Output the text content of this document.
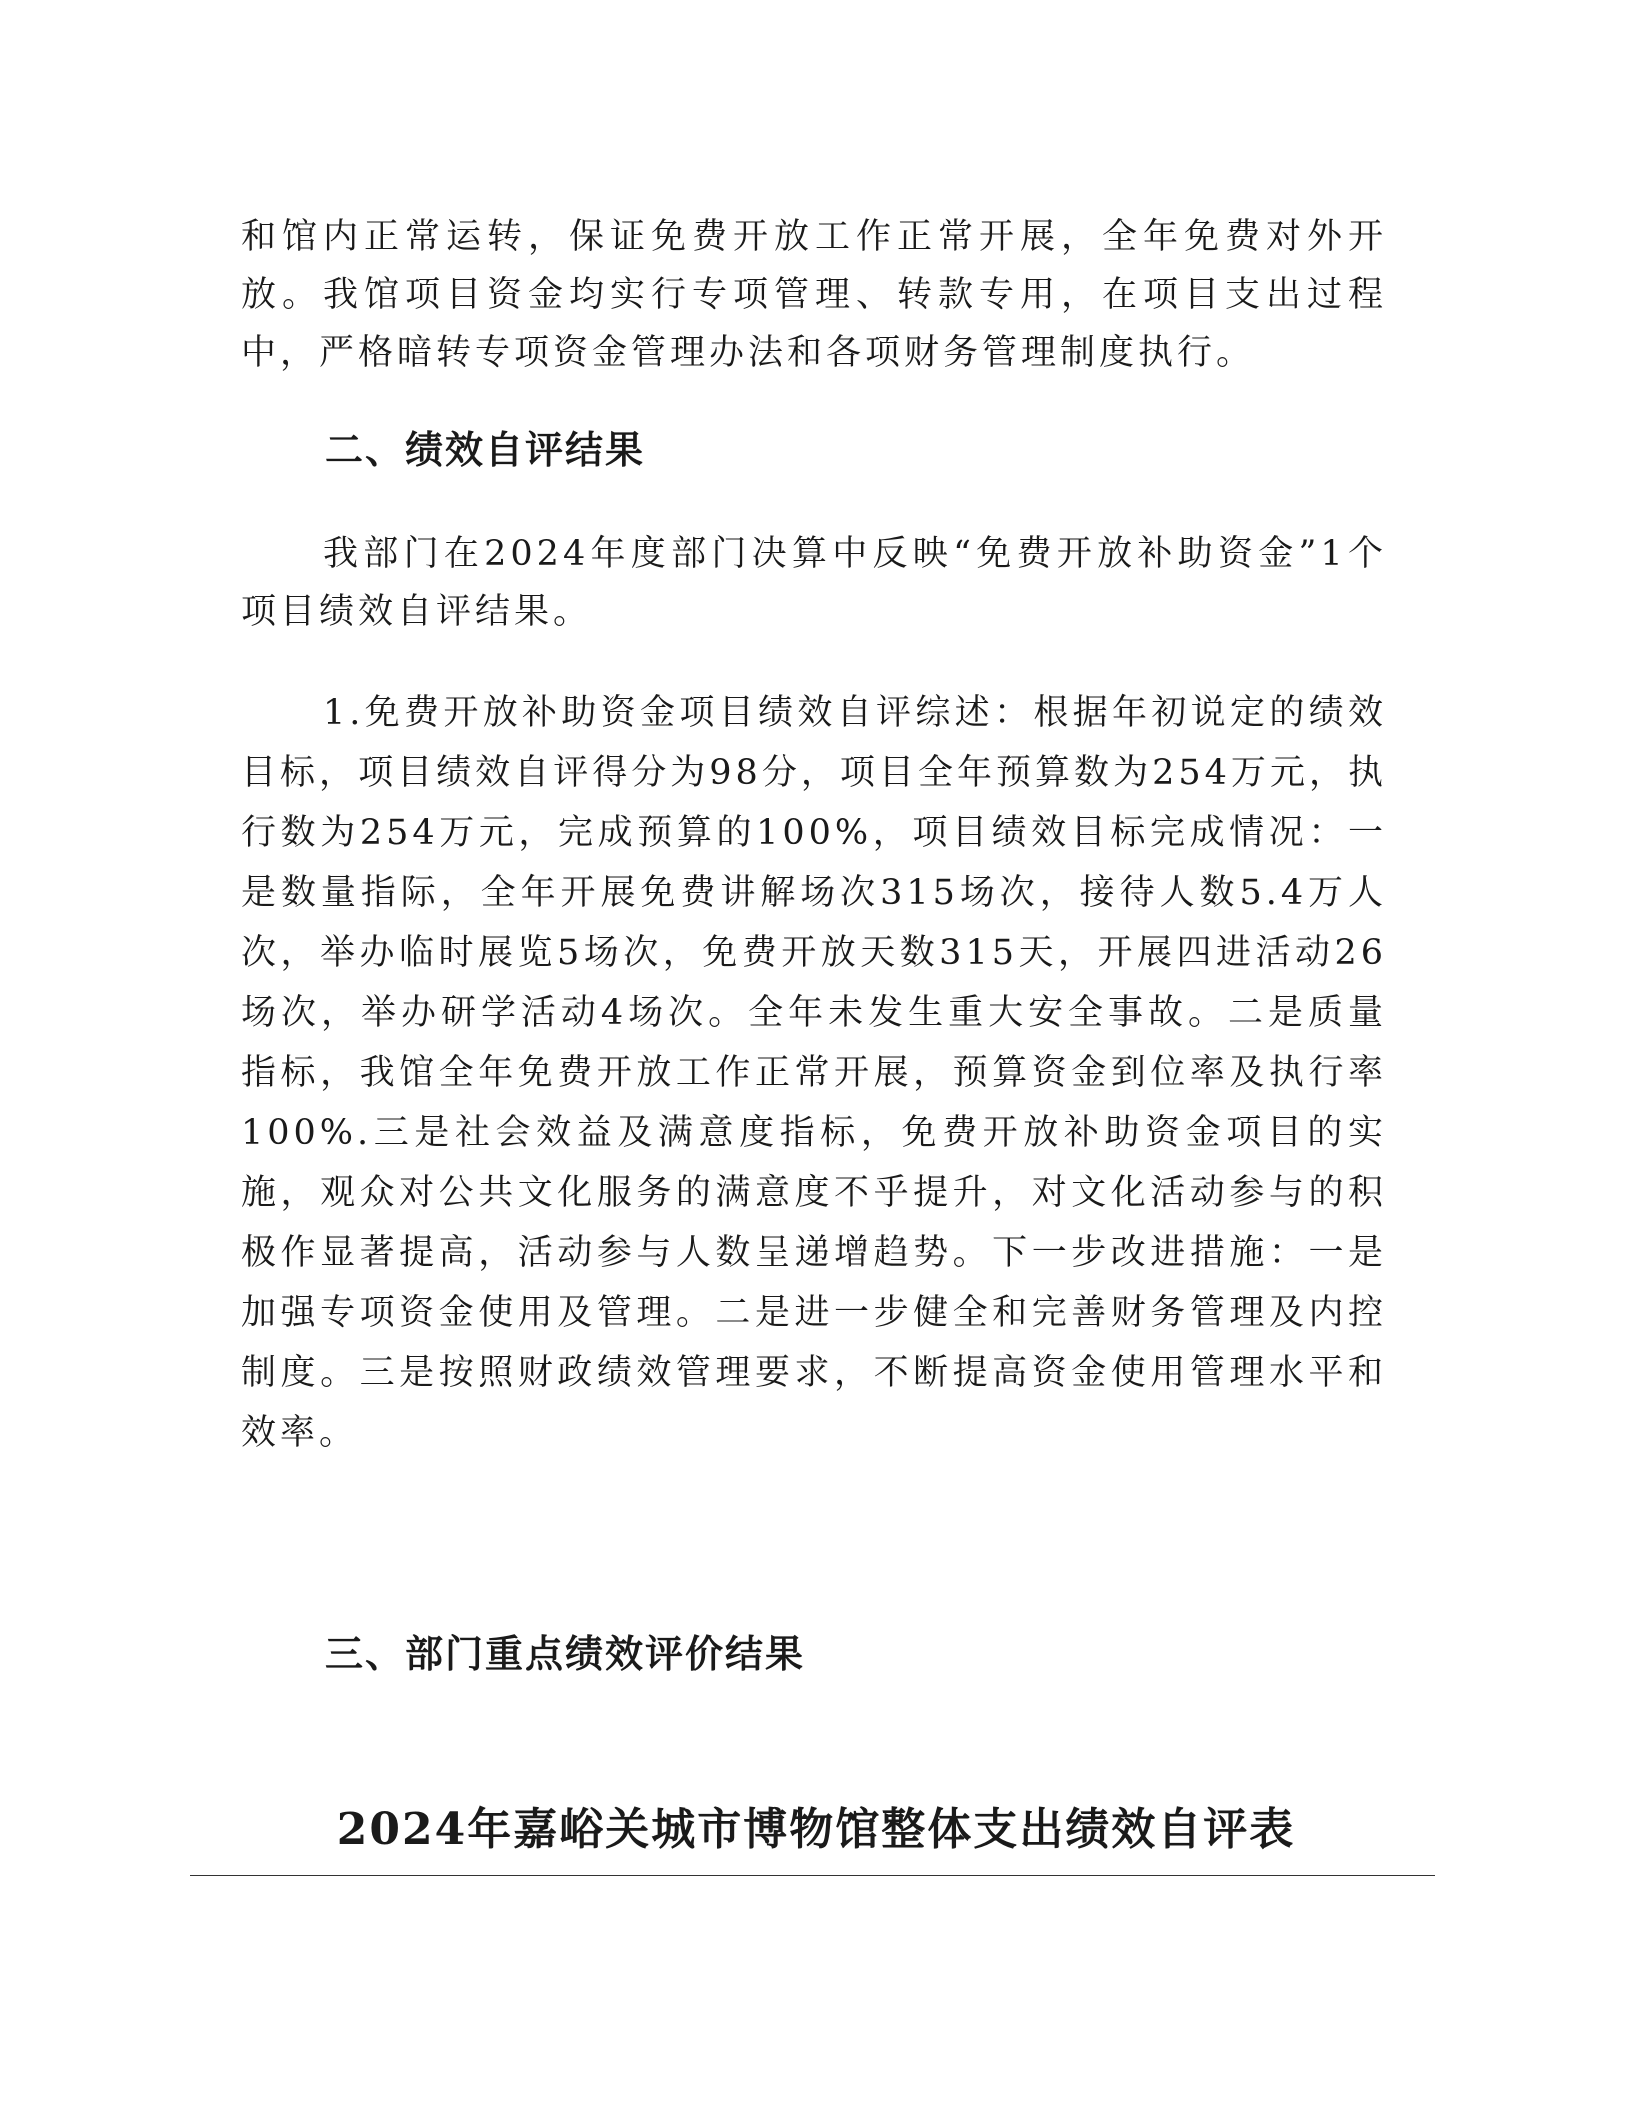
和馆内正常运转，保证免费开放工作正常开展，全年免费对外开放。我馆项目资金均实行专项管理、转款专用，在项目支出过程中，严格暗转专项资金管理办法和各项财务管理制度执行。

二、绩效自评结果

我部门在2024年度部门决算中反映“免费开放补助资金”1个项目绩效自评结果。

1.免费开放补助资金项目绩效自评综述：根据年初说定的绩效目标，项目绩效自评得分为98分，项目全年预算数为254万元，执行数为254万元，完成预算的100%，项目绩效目标完成情况：一是数量指际，全年开展免费讲解场次315场次，接待人数5.4万人次，举办临时展览5场次，免费开放天数315天，开展四进活动26场次，举办研学活动4场次。全年未发生重大安全事故。二是质量指标，我馆全年免费开放工作正常开展，预算资金到位率及执行率100%.三是社会效益及满意度指标，免费开放补助资金项目的实施，观众对公共文化服务的满意度不乎提升，对文化活动参与的积极作显著提高，活动参与人数呈递增趋势。下一步改进措施：一是加强专项资金使用及管理。二是进一步健全和完善财务管理及内控制度。三是按照财政绩效管理要求，不断提高资金使用管理水平和效率。

三、部门重点绩效评价结果
2024年嘉峪关城市博物馆整体支出绩效自评表
